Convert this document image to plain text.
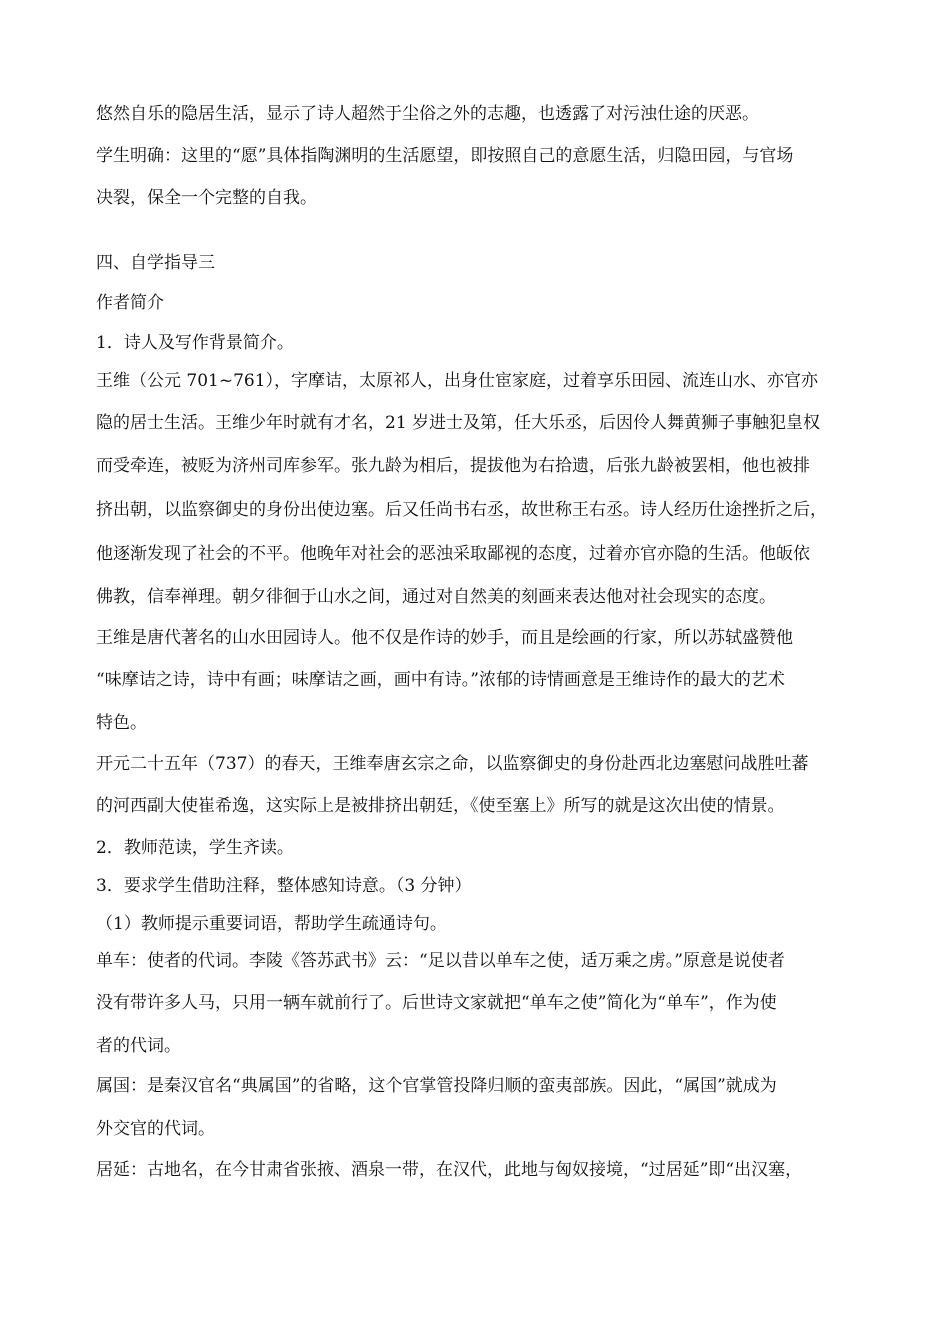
悠然自乐的隐居生活，显示了诗人超然于尘俗之外的志趣，也透露了对污浊仕途的厌恶。
学生明确：这里的“愿”具体指陶渊明的生活愿望，即按照自己的意愿生活，归隐田园，与官场
决裂，保全一个完整的自我。
四、自学指导三
作者简介
1．诗人及写作背景简介。
王维（公元 701~761），字摩诘，太原祁人，出身仕宦家庭，过着享乐田园、流连山水、亦官亦
隐的居士生活。王维少年时就有才名，21 岁进士及第，任大乐丞，后因伶人舞黄狮子事触犯皇权
而受牵连，被贬为济州司库参军。张九龄为相后，提拔他为右拾遗，后张九龄被罢相，他也被排
挤出朝，以监察御史的身份出使边塞。后又任尚书右丞，故世称王右丞。诗人经历仕途挫折之后，
他逐渐发现了社会的不平。他晚年对社会的恶浊采取鄙视的态度，过着亦官亦隐的生活。他皈依
佛教，信奉禅理。朝夕徘徊于山水之间，通过对自然美的刻画来表达他对社会现实的态度。
王维是唐代著名的山水田园诗人。他不仅是作诗的妙手，而且是绘画的行家，所以苏轼盛赞他
“味摩诘之诗，诗中有画；味摩诘之画，画中有诗。”浓郁的诗情画意是王维诗作的最大的艺术
特色。
开元二十五年（737）的春天，王维奉唐玄宗之命，以监察御史的身份赴西北边塞慰问战胜吐蕃
的河西副大使崔希逸，这实际上是被排挤出朝廷，《使至塞上》所写的就是这次出使的情景。
2．教师范读，学生齐读。
3．要求学生借助注释，整体感知诗意。（3 分钟）
（1）教师提示重要词语，帮助学生疏通诗句。
单车：使者的代词。李陵《答苏武书》云：“足以昔以单车之使，适万乘之虏。”原意是说使者
没有带许多人马，只用一辆车就前行了。后世诗文家就把“单车之使”简化为“单车”，作为使
者的代词。
属国：是秦汉官名“典属国”的省略，这个官掌管投降归顺的蛮夷部族。因此，“属国”就成为
外交官的代词。
居延：古地名，在今甘肃省张掖、酒泉一带，在汉代，此地与匈奴接境，“过居延”即“出汉塞，
